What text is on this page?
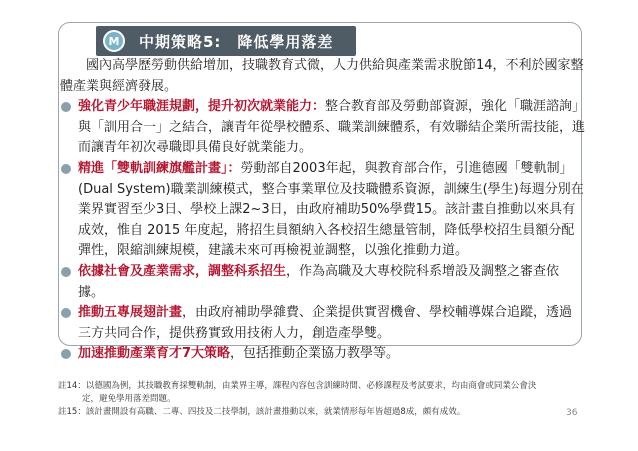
M	中期策略5:　降低學用落差

國內高學歷勞動供給增加，技職教育式微，人力供給與產業需求脫節14，不利於國家整體產業與經濟發展。

強化青少年職涯規劃，提升初次就業能力：整合教育部及勞動部資源，強化「職涯諮詢」與「訓用合一」之結合，讓青年從學校體系、職業訓練體系，有效聯結企業所需技能，進而讓青年初次尋職即具備良好就業能力。

精進「雙軌訓練旗艦計畫」：勞動部自2003年起，與教育部合作，引進德國「雙軌制」(Dual System)職業訓練模式，整合事業單位及技職體系資源，訓練生(學生)每週分別在業界實習至少3日、學校上課2~3日，由政府補助50%學費15。該計畫自推動以來具有成效，惟自 2015 年度起，將招生員額納入各校招生總量管制，降低學校招生員額分配彈性，限縮訓練規模，建議未來可再檢視並調整，以強化推動力道。

依據社會及產業需求，調整科系招生，作為高職及大專校院科系增設及調整之審查依據。

推動五專展翅計畫，由政府補助學雜費、企業提供實習機會、學校輔導媒合追蹤，透過三方共同合作，提供務實致用技術人力，創造產學雙。

加速推動產業育才7大策略，包括推動企業協力教學等。

註14：以德國為例，其技職教育採雙軌制，由業界主導，課程內容包含訓練時間、必修課程及考試要求，均由商會或同業公會決

定，避免學用落差問題。

註15：該計畫開設有高職、二專、四技及二技學制，該計畫推動以來，就業情形每年皆超過8成，頗有成效。	36
